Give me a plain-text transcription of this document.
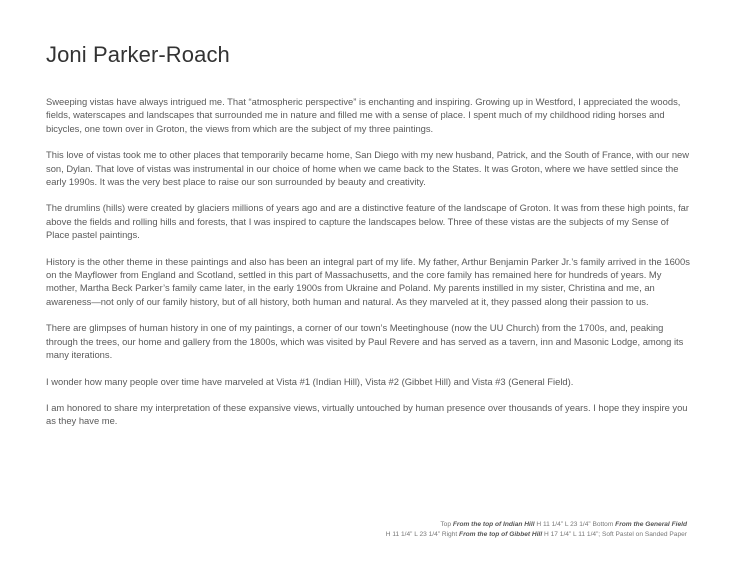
Joni Parker-Roach

Sweeping vistas have always intrigued me. That “atmospheric perspective” is enchanting and inspiring. Growing up in Westford, I appreciated the woods, fields, waterscapes and landscapes that surrounded me in nature and filled me with a sense of place. I spent much of my childhood riding horses and bicycles, one town over in Groton, the views from which are the subject of my three paintings.

This love of vistas took me to other places that temporarily became home, San Diego with my new husband, Patrick, and the South of France, with our new son, Dylan. That love of vistas was instrumental in our choice of home when we came back to the States. It was Groton, where we have settled since the early 1990s. It was the very best place to raise our son surrounded by beauty and creativity.

The drumlins (hills) were created by glaciers millions of years ago and are a distinctive feature of the landscape of Groton. It was from these high points, far above the fields and rolling hills and forests, that I was inspired to capture the landscapes below. Three of these vistas are the subjects of my Sense of Place pastel paintings.

History is the other theme in these paintings and also has been an integral part of my life. My father, Arthur Benjamin Parker Jr.’s family arrived in the 1600s on the Mayflower from England and Scotland, settled in this part of Massachusetts, and the core family has remained here for hundreds of years. My mother, Martha Beck Parker’s family came later, in the early 1900s from Ukraine and Poland. My parents instilled in my sister, Christina and me, an awareness—not only of our family history, but of all history, both human and natural. As they marveled at it, they passed along their passion to us.

There are glimpses of human history in one of my paintings, a corner of our town’s Meetinghouse (now the UU Church) from the 1700s, and, peaking through the trees, our home and gallery from the 1800s, which was visited by Paul Revere and has served as a tavern, inn and Masonic Lodge, among its many iterations.

I wonder how many people over time have marveled at Vista #1 (Indian Hill), Vista #2 (Gibbet Hill) and Vista #3 (General Field).

I am honored to share my interpretation of these expansive views, virtually untouched by human presence over thousands of years. I hope they inspire you as they have me.

Top From the top of Indian Hill H 11 1/4” L 23 1/4” Bottom From the General Field
H 11 1/4” L 23 1/4” Right From the top of Gibbet Hill H 17 1/4” L 11 1/4”; Soft Pastel on Sanded Paper
